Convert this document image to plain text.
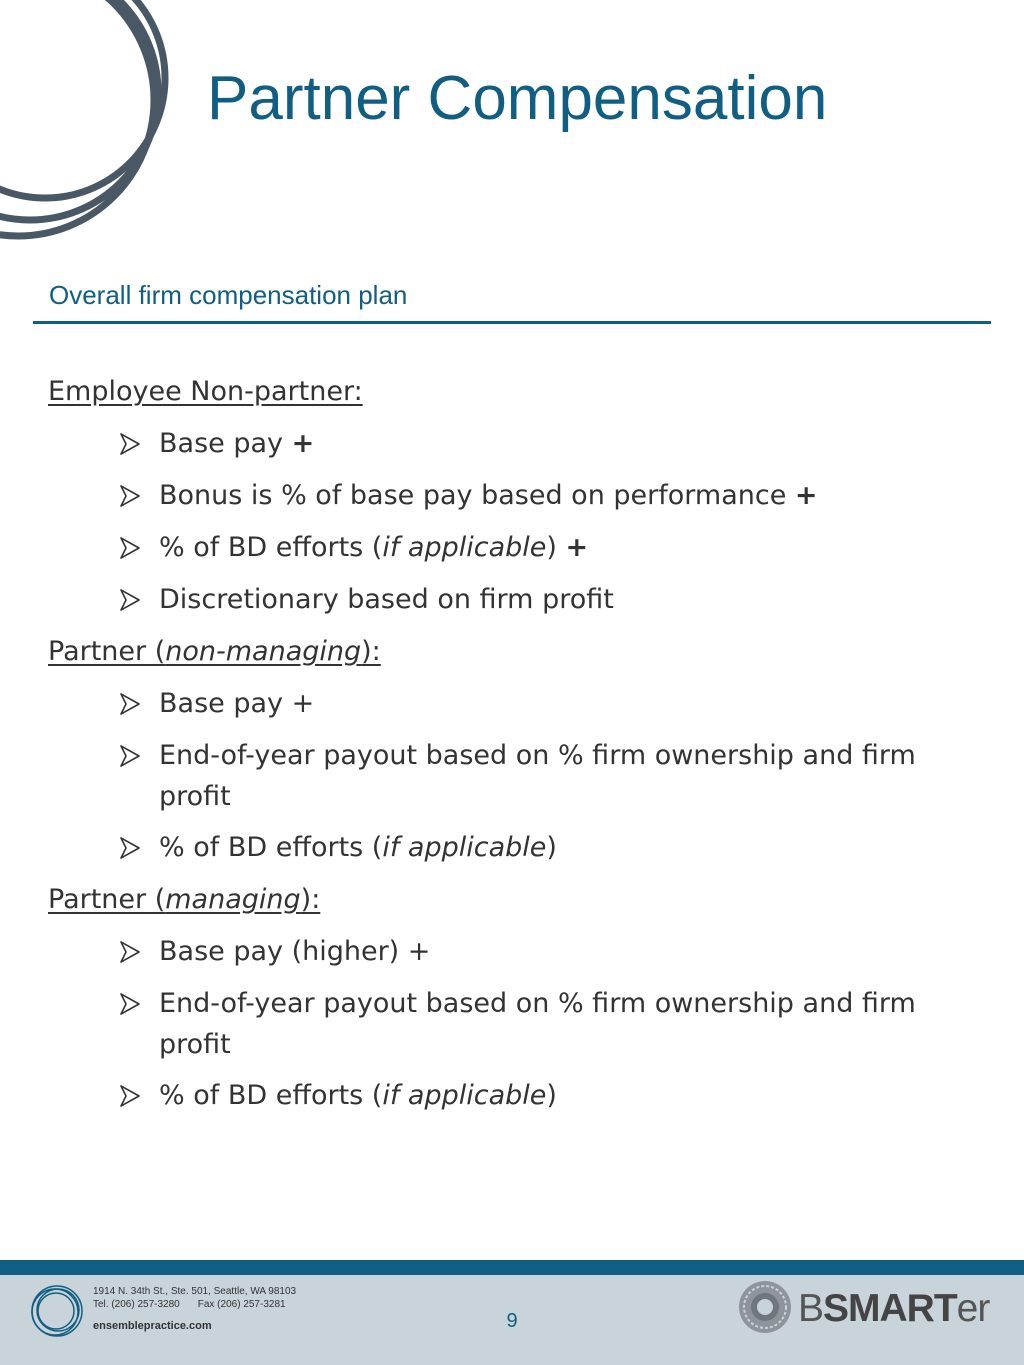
Partner Compensation
Overall firm compensation plan
Employee Non-partner:
Base pay +
Bonus is % of base pay based on performance +
% of BD efforts (if applicable) +
Discretionary based on firm profit
Partner (non-managing):
Base pay +
End-of-year payout based on % firm ownership and firm profit
% of BD efforts (if applicable)
Partner (managing):
Base pay (higher) +
End-of-year payout based on % firm ownership and firm profit
% of BD efforts (if applicable)
1914 N. 34th St., Ste. 501, Seattle, WA 98103
Tel. (206) 257-3280 Fax (206) 257-3281
ensemblepractice.com	9	BSMARTer
